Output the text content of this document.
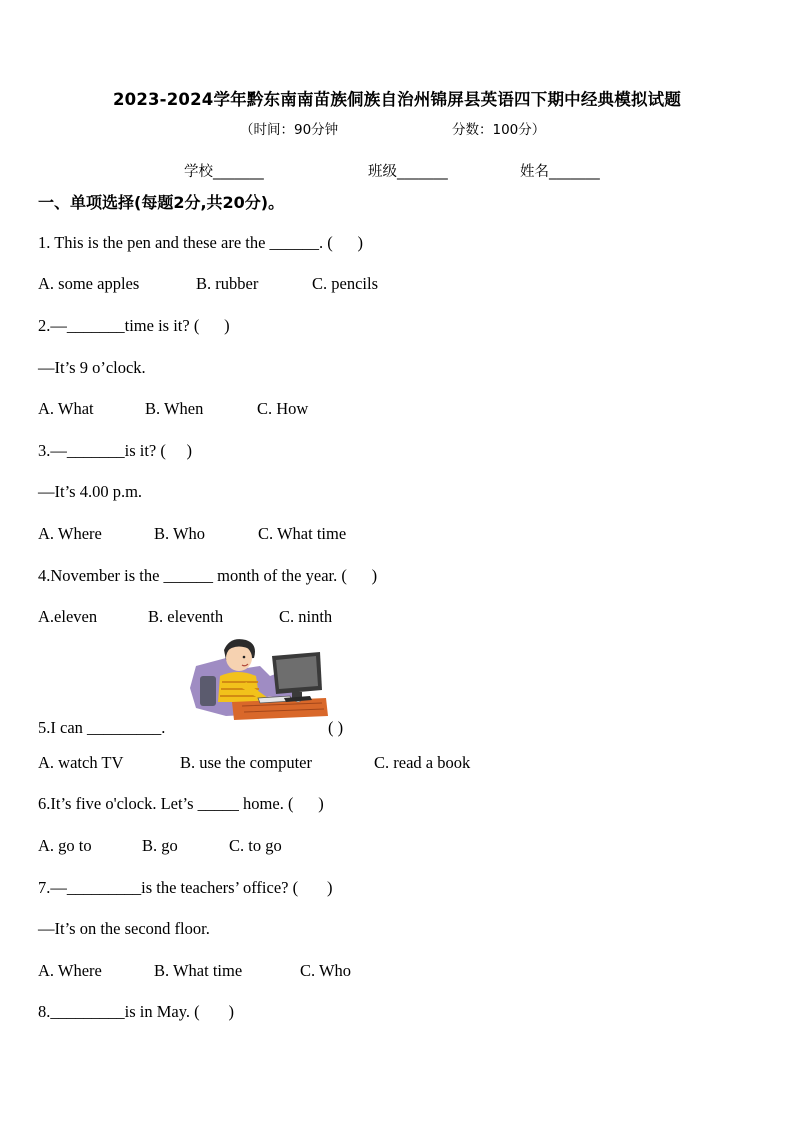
2023-2024学年黔东南南苗族侗族自治州锦屏县英语四下期中经典模拟试题
（时间：90分钟	分数：100分）
学校_______	班级_______	姓名_______
一、单项选择(每题2分,共20分)。
1. This is the pen and these are the ______. (      )
A. some apples	B. rubber	C. pencils
2.—_______time is it? (      )
—It’s 9 o’clock.
A. What	B. When	C. How
3.—_______is it? (     )
—It’s 4.00 p.m.
A. Where	B. Who	C. What time
4.November is the ______ month of the year. (      )
A.eleven	B. eleventh	C. ninth
5.I can _________.	( )
A. watch TV	B. use the computer	C. read a book
6.It’s five o'clock. Let’s _____ home. (      )
A. go to	B. go	C. to go
7.—_________is the teachers’ office? (       )
—It’s on the second floor.
A. Where	B. What time	C. Who
8._________is in May. (       )
